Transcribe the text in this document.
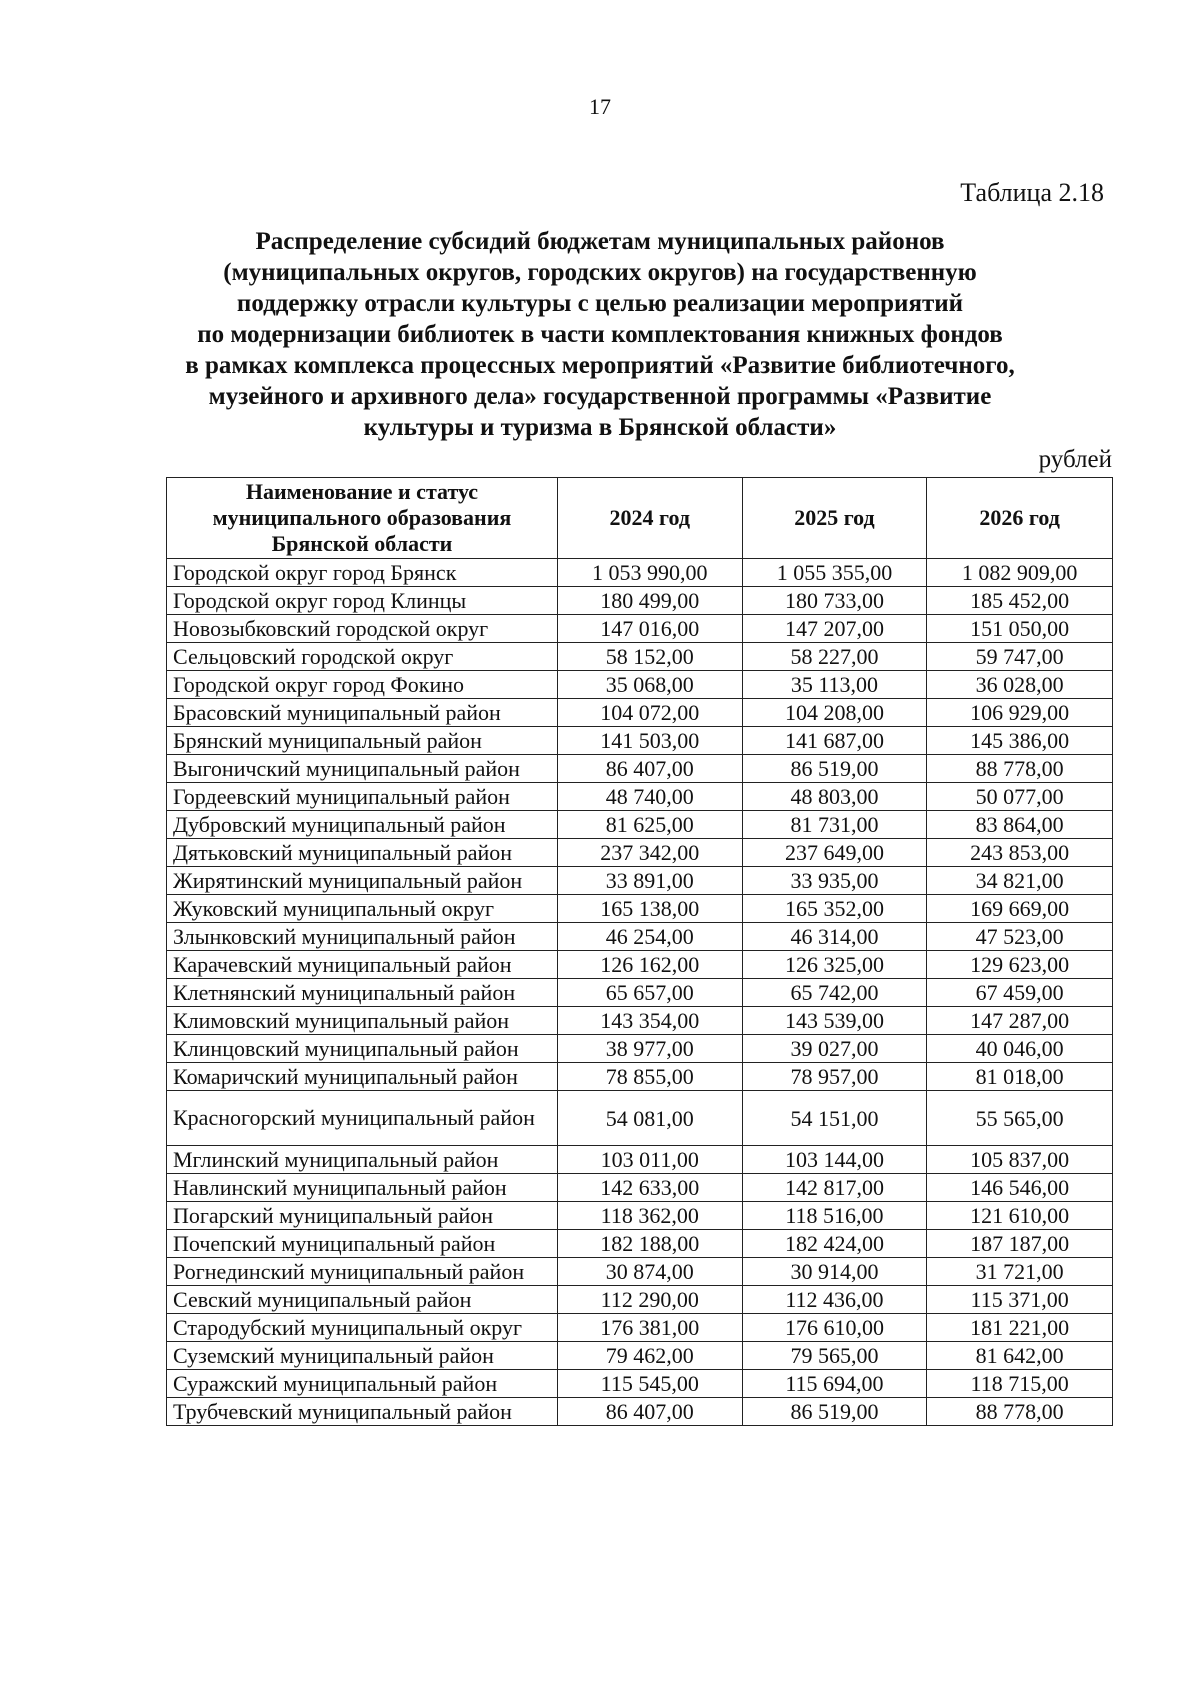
17
Таблица 2.18
Распределение субсидий бюджетам муниципальных районов
(муниципальных округов, городских округов) на государственную
поддержку отрасли культуры с целью реализации мероприятий
по модернизации библиотек в части комплектования книжных фондов
в рамках комплекса процессных мероприятий «Развитие библиотечного,
музейного и архивного дела» государственной программы «Развитие
культуры и туризма в Брянской области»
рублей
Наименование и статус муниципального образования Брянской области	2024 год	2025 год	2026 год
Городской округ город Брянск	1 053 990,00	1 055 355,00	1 082 909,00
Городской округ город Клинцы	180 499,00	180 733,00	185 452,00
Новозыбковский городской округ	147 016,00	147 207,00	151 050,00
Сельцовский городской округ	58 152,00	58 227,00	59 747,00
Городской округ город Фокино	35 068,00	35 113,00	36 028,00
Брасовский муниципальный район	104 072,00	104 208,00	106 929,00
Брянский муниципальный район	141 503,00	141 687,00	145 386,00
Выгоничский муниципальный район	86 407,00	86 519,00	88 778,00
Гордеевский муниципальный район	48 740,00	48 803,00	50 077,00
Дубровский муниципальный район	81 625,00	81 731,00	83 864,00
Дятьковский муниципальный район	237 342,00	237 649,00	243 853,00
Жирятинский муниципальный район	33 891,00	33 935,00	34 821,00
Жуковский муниципальный округ	165 138,00	165 352,00	169 669,00
Злынковский муниципальный район	46 254,00	46 314,00	47 523,00
Карачевский муниципальный район	126 162,00	126 325,00	129 623,00
Клетнянский муниципальный район	65 657,00	65 742,00	67 459,00
Климовский муниципальный район	143 354,00	143 539,00	147 287,00
Клинцовский муниципальный район	38 977,00	39 027,00	40 046,00
Комаричский муниципальный район	78 855,00	78 957,00	81 018,00
Красногорский муниципальный район	54 081,00	54 151,00	55 565,00
Мглинский муниципальный район	103 011,00	103 144,00	105 837,00
Навлинский муниципальный район	142 633,00	142 817,00	146 546,00
Погарский муниципальный район	118 362,00	118 516,00	121 610,00
Почепский муниципальный район	182 188,00	182 424,00	187 187,00
Рогнединский муниципальный район	30 874,00	30 914,00	31 721,00
Севский муниципальный район	112 290,00	112 436,00	115 371,00
Стародубский муниципальный округ	176 381,00	176 610,00	181 221,00
Суземский муниципальный район	79 462,00	79 565,00	81 642,00
Суражский муниципальный район	115 545,00	115 694,00	118 715,00
Трубчевский муниципальный район	86 407,00	86 519,00	88 778,00
